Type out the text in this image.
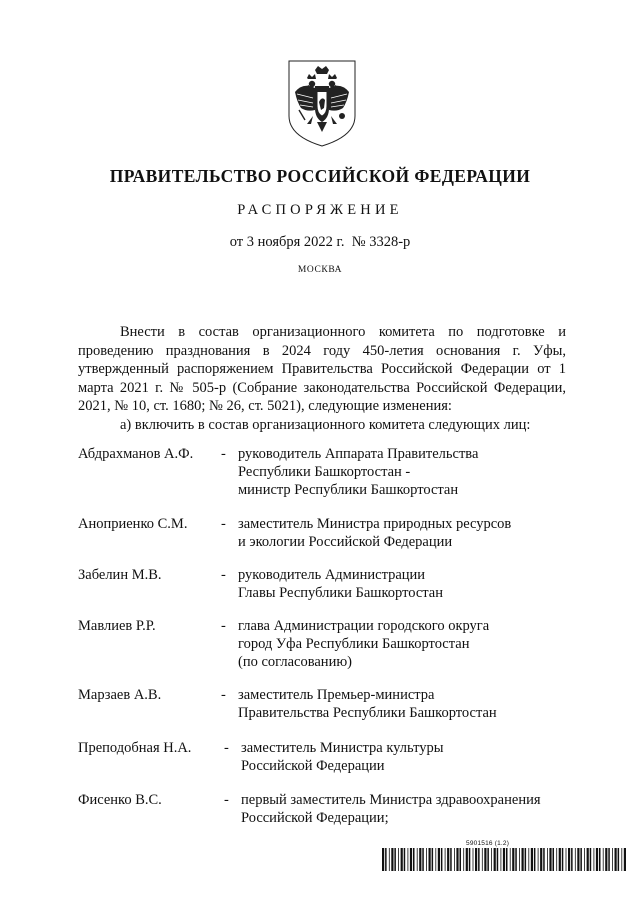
ПРАВИТЕЛЬСТВО РОССИЙСКОЙ ФЕДЕРАЦИИ
РАСПОРЯЖЕНИЕ
от 3 ноября 2022 г.  № 3328-р
МОСКВА

Внести в состав организационного комитета по подготовке и проведению празднования в 2024 году 450-летия основания г. Уфы, утвержденный распоряжением Правительства Российской Федерации от 1 марта 2021 г. № 505-р (Собрание законодательства Российской Федерации, 2021, № 10, ст. 1680; № 26, ст. 5021), следующие изменения:

а) включить в состав организационного комитета следующих лиц:

Абдрахманов А.Ф.	- руководитель Аппарата Правительства
Республики Башкортостан -
министр Республики Башкортостан
Аноприенко С.М.	- заместитель Министра природных ресурсов
и экологии Российской Федерации
Забелин М.В.	- руководитель Администрации
Главы Республики Башкортостан
Мавлиев Р.Р.	- глава Администрации городского округа
город Уфа Республики Башкортостан
(по согласованию)
Марзаев А.В.	- заместитель Премьер-министра
Правительства Республики Башкортостан
Преподобная Н.А.	- заместитель Министра культуры
Российской Федерации
Фисенко В.С.	- первый заместитель Министра здравоохранения
Российской Федерации;
5901516 (1.2)
